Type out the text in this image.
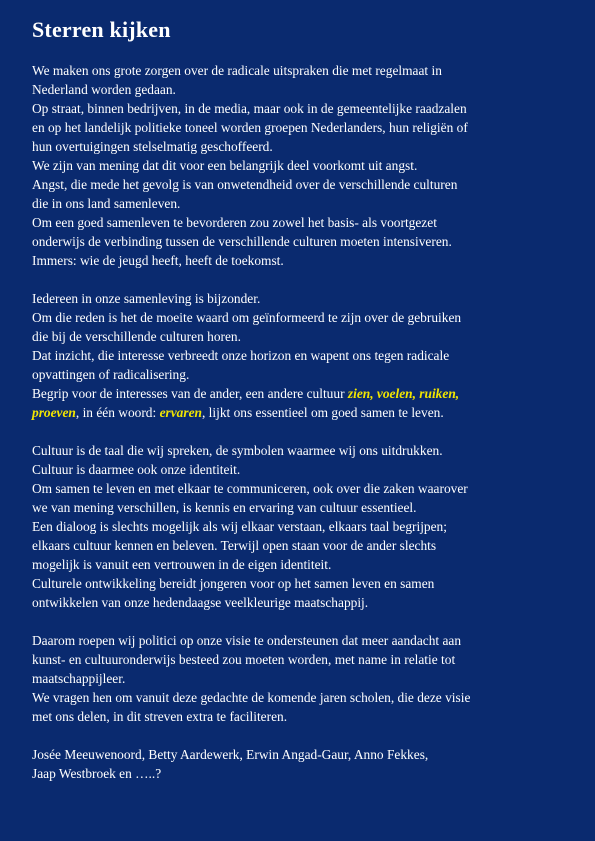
Sterren kijken
We maken ons grote zorgen over de radicale uitspraken die met regelmaat in
Nederland worden gedaan.
Op straat, binnen bedrijven, in de media, maar ook in de gemeentelijke raadzalen
en op het landelijk politieke toneel worden groepen Nederlanders, hun religiën of
hun overtuigingen stelselmatig geschoffeerd.
We zijn van mening dat dit voor een belangrijk deel voorkomt uit angst.
Angst, die mede het gevolg is van onwetendheid over de verschillende culturen
die in ons land samenleven.
Om een goed samenleven te bevorderen zou zowel het basis- als voortgezet
onderwijs de verbinding tussen de verschillende culturen moeten intensiveren.
Immers: wie de jeugd heeft, heeft de toekomst.
Iedereen in onze samenleving is bijzonder.
Om die reden is het de moeite waard om geïnformeerd te zijn over de gebruiken
die bij de verschillende culturen horen.
Dat inzicht, die interesse verbreedt onze horizon en wapent ons tegen radicale
opvattingen of radicalisering.
Begrip voor de interesses van de ander, een andere cultuur zien, voelen, ruiken,
proeven, in één woord: ervaren, lijkt ons essentieel om goed samen te leven.
Cultuur is de taal die wij spreken, de symbolen waarmee wij ons uitdrukken.
Cultuur is daarmee ook onze identiteit.
Om samen te leven en met elkaar te communiceren, ook over die zaken waarover
we van mening verschillen, is kennis en ervaring van cultuur essentieel.
Een dialoog is slechts mogelijk als wij elkaar verstaan, elkaars taal begrijpen;
elkaars cultuur kennen en beleven. Terwijl open staan voor de ander slechts
mogelijk is vanuit een vertrouwen in de eigen identiteit.
Culturele ontwikkeling bereidt jongeren voor op het samen leven en samen
ontwikkelen van onze hedendaagse veelkleurige maatschappij.
Daarom roepen wij politici op onze visie te ondersteunen dat meer aandacht aan
kunst- en cultuuronderwijs besteed zou moeten worden, met name in relatie tot
maatschappijleer.
We vragen hen om vanuit deze gedachte de komende jaren scholen, die deze visie
met ons delen, in dit streven extra te faciliteren.
Josée Meeuwenoord, Betty Aardewerk, Erwin Angad-Gaur, Anno Fekkes,
Jaap Westbroek en …..?
